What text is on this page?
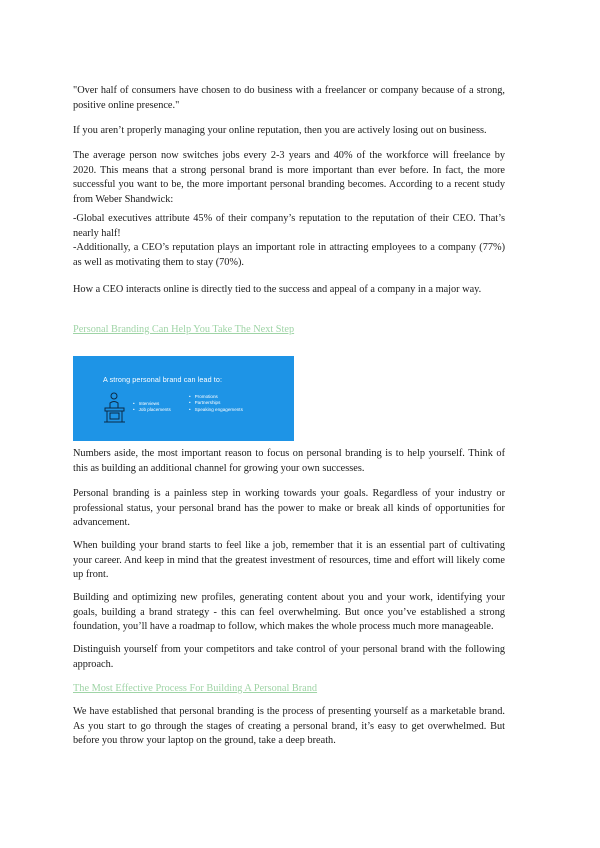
"Over half of consumers have chosen to do business with a freelancer or company because of a strong, positive online presence."

If you aren’t properly managing your online reputation, then you are actively losing out on business.

The average person now switches jobs every 2-3 years and 40% of the workforce will freelance by 2020. This means that a strong personal brand is more important than ever before. In fact, the more successful you want to be, the more important personal branding becomes. According to a recent study from Weber Shandwick:

-Global executives attribute 45% of their company’s reputation to the reputation of their CEO. That’s nearly half!

-Additionally, a CEO’s reputation plays an important role in attracting employees to a company (77%) as well as motivating them to stay (70%).

How a CEO interacts online is directly tied to the success and appeal of a company in a major way.

Personal Branding Can Help You Take The Next Step
A strong personal brand can lead to:
• Interviews
• Job placements
• Promotions
• Partnerships
• Speaking engagements

Numbers aside, the most important reason to focus on personal branding is to help yourself. Think of this as building an additional channel for growing your own successes.

Personal branding is a painless step in working towards your goals. Regardless of your industry or professional status, your personal brand has the power to make or break all kinds of opportunities for advancement.

When building your brand starts to feel like a job, remember that it is an essential part of cultivating your career. And keep in mind that the greatest investment of resources, time and effort will likely come up front.

Building and optimizing new profiles, generating content about you and your work, identifying your goals, building a brand strategy - this can feel overwhelming. But once you’ve established a strong foundation, you’ll have a roadmap to follow, which makes the whole process much more manageable.

Distinguish yourself from your competitors and take control of your personal brand with the following approach.

The Most Effective Process For Building A Personal Brand

We have established that personal branding is the process of presenting yourself as a marketable brand. As you start to go through the stages of creating a personal brand, it’s easy to get overwhelmed. But before you throw your laptop on the ground, take a deep breath.
